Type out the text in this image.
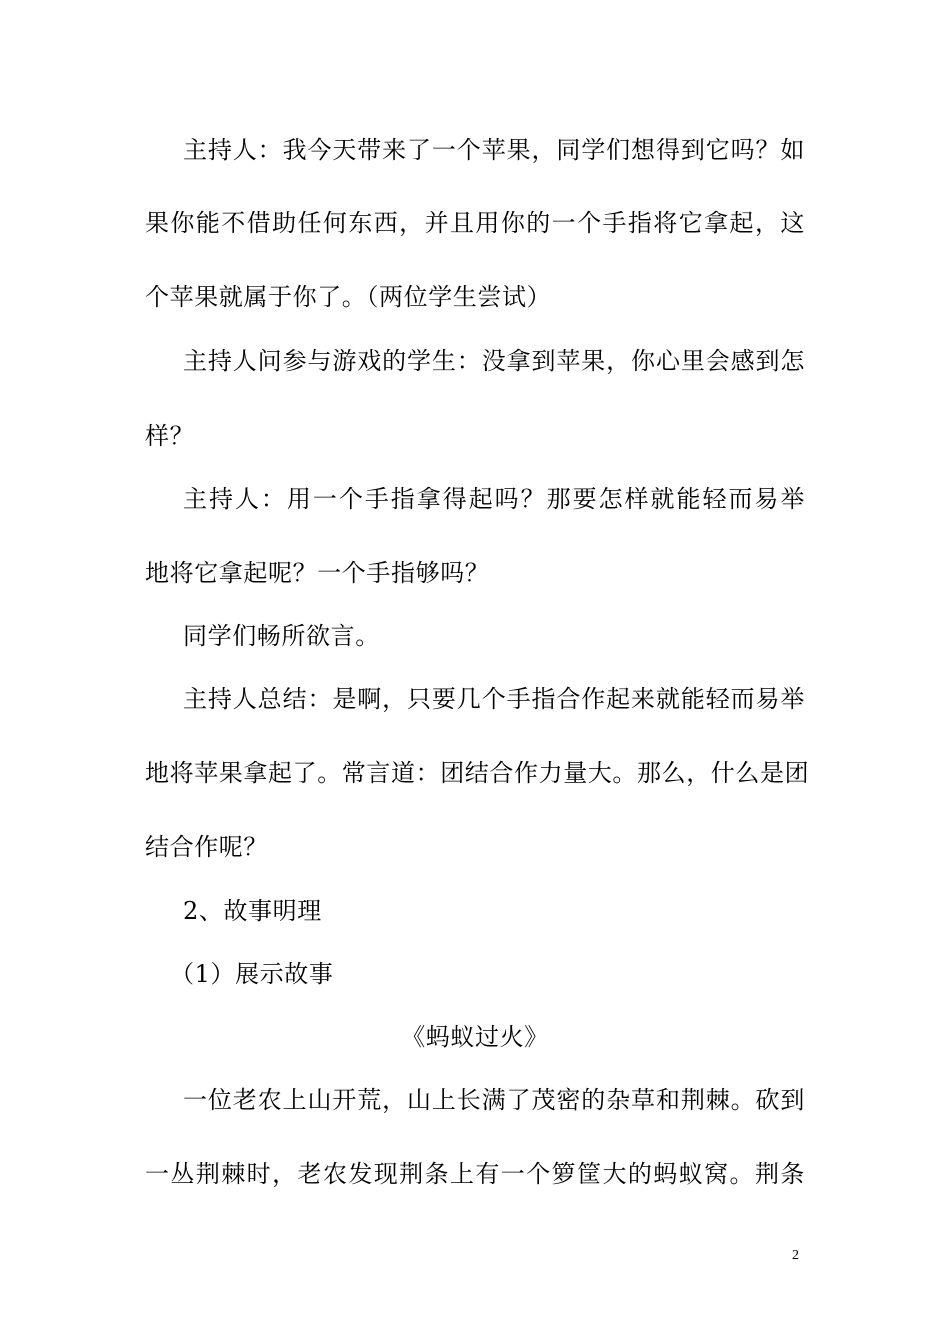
主持人：我今天带来了一个苹果，同学们想得到它吗？如
果你能不借助任何东西，并且用你的一个手指将它拿起，这
个苹果就属于你了。（两位学生尝试）
主持人问参与游戏的学生：没拿到苹果，你心里会感到怎
样？
主持人：用一个手指拿得起吗？那要怎样就能轻而易举
地将它拿起呢？一个手指够吗？
同学们畅所欲言。
主持人总结：是啊，只要几个手指合作起来就能轻而易举
地将苹果拿起了。常言道：团结合作力量大。那么，什么是团
结合作呢？
2、故事明理
（1）展示故事
《蚂蚁过火》
一位老农上山开荒，山上长满了茂密的杂草和荆棘。砍到
一丛荆棘时，老农发现荆条上有一个箩筐大的蚂蚁窝。荆条
2
